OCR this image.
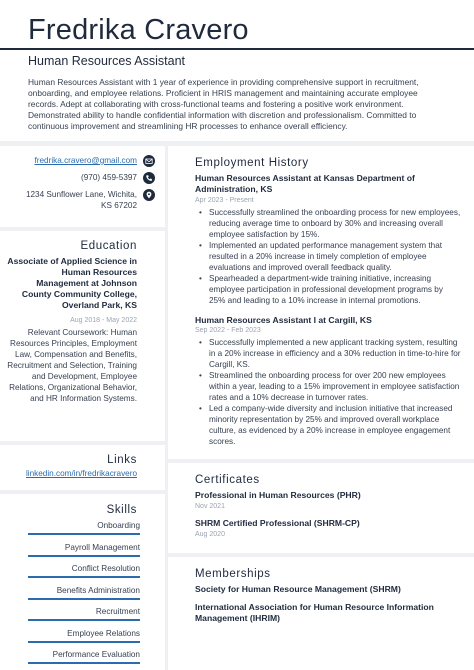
Fredrika Cravero
Human Resources Assistant
Human Resources Assistant with 1 year of experience in providing comprehensive support in recruitment, onboarding, and employee relations. Proficient in HRIS management and maintaining accurate employee records. Adept at collaborating with cross-functional teams and fostering a positive work environment. Demonstrated ability to handle confidential information with discretion and professionalism. Committed to continuous improvement and streamlining HR processes to enhance overall efficiency.
fredrika.cravero@gmail.com
(970) 459-5397
1234 Sunflower Lane, Wichita,
KS 67202
Education
Associate of Applied Science in Human Resources Management at Johnson County Community College, Overland Park, KS
Aug 2018 - May 2022
Relevant Coursework: Human Resources Principles, Employment Law, Compensation and Benefits, Recruitment and Selection, Training and Development, Employee Relations, Organizational Behavior, and HR Information Systems.
Links
linkedin.com/in/fredrikacravero
Skills
Onboarding
Payroll Management
Conflict Resolution
Benefits Administration
Recruitment
Employee Relations
Performance Evaluation
Employment History
Human Resources Assistant at Kansas Department of Administration, KS
Apr 2023 - Present
• Successfully streamlined the onboarding process for new employees, reducing average time to onboard by 30% and increasing overall employee satisfaction by 15%.
• Implemented an updated performance management system that resulted in a 20% increase in timely completion of employee evaluations and improved overall feedback quality.
• Spearheaded a department-wide training initiative, increasing employee participation in professional development programs by 25% and leading to a 10% increase in internal promotions.
Human Resources Assistant I at Cargill, KS
Sep 2022 - Feb 2023
• Successfully implemented a new applicant tracking system, resulting in a 20% increase in efficiency and a 30% reduction in time-to-hire for Cargill, KS.
• Streamlined the onboarding process for over 200 new employees within a year, leading to a 15% improvement in employee satisfaction rates and a 10% decrease in turnover rates.
• Led a company-wide diversity and inclusion initiative that increased minority representation by 25% and improved overall workplace culture, as evidenced by a 20% increase in employee engagement scores.
Certificates
Professional in Human Resources (PHR)
Nov 2021
SHRM Certified Professional (SHRM-CP)
Aug 2020
Memberships
Society for Human Resource Management (SHRM)
International Association for Human Resource Information Management (IHRIM)
